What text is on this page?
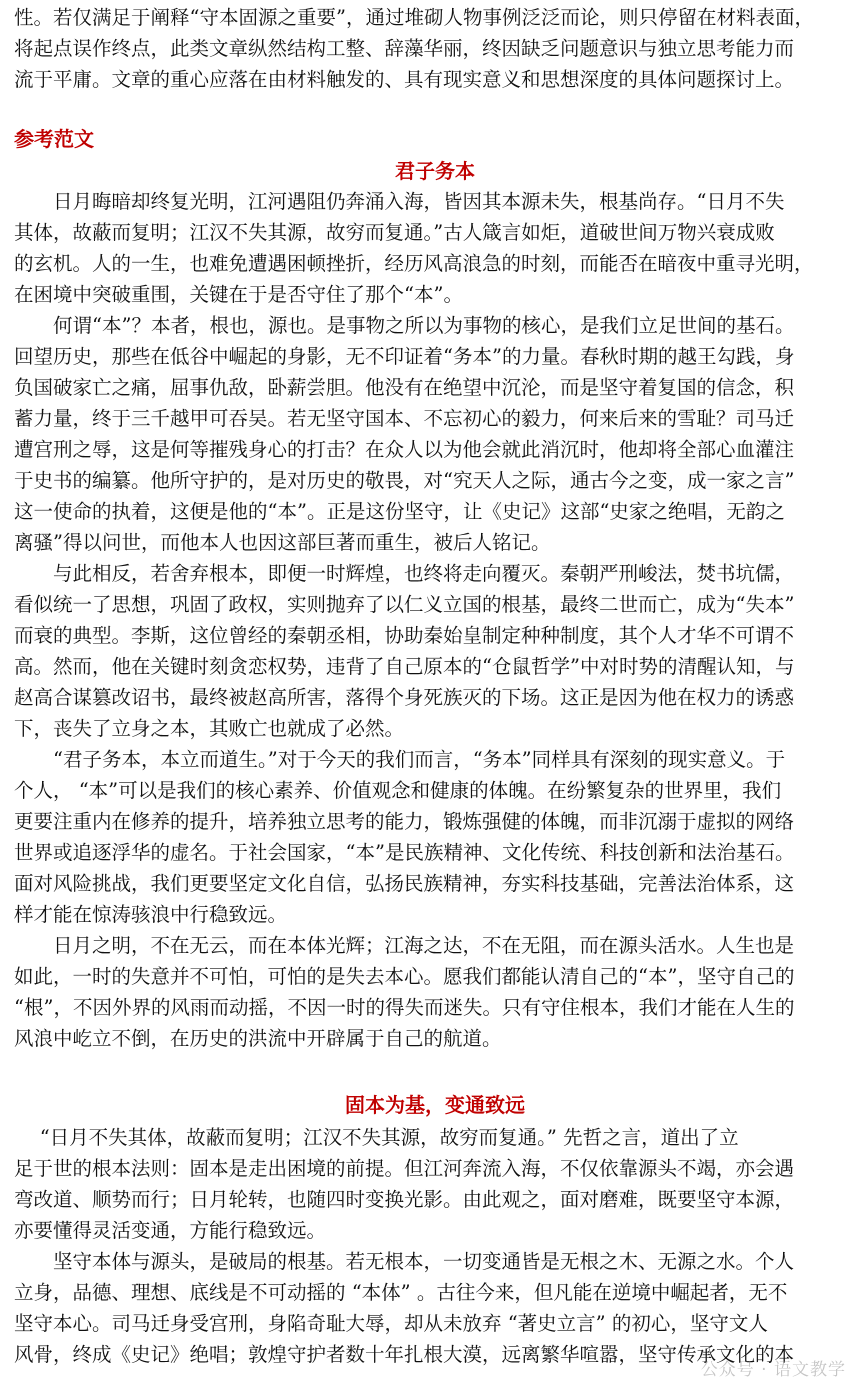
性。若仅满足于阐释“守本固源之重要”，通过堆砌人物事例泛泛而论，则只停留在材料表面，

将起点误作终点，此类文章纵然结构工整、辞藻华丽，终因缺乏问题意识与独立思考能力而

流于平庸。文章的重心应落在由材料触发的、具有现实意义和思想深度的具体问题探讨上。

参考范文
君子务本

　　日月晦暗却终复光明，江河遇阻仍奔涌入海，皆因其本源未失，根基尚存。“日月不失

其体，故蔽而复明；江汉不失其源，故穷而复通。”古人箴言如炬，道破世间万物兴衰成败

的玄机。人的一生，也难免遭遇困顿挫折，经历风高浪急的时刻，而能否在暗夜中重寻光明，

在困境中突破重围，关键在于是否守住了那个“本”。

　　何谓“本”？本者，根也，源也。是事物之所以为事物的核心，是我们立足世间的基石。

回望历史，那些在低谷中崛起的身影，无不印证着“务本”的力量。春秋时期的越王勾践，身

负国破家亡之痛，屈事仇敌，卧薪尝胆。他没有在绝望中沉沦，而是坚守着复国的信念，积

蓄力量，终于三千越甲可吞吴。若无坚守国本、不忘初心的毅力，何来后来的雪耻？司马迁

遭宫刑之辱，这是何等摧残身心的打击？在众人以为他会就此消沉时，他却将全部心血灌注

于史书的编纂。他所守护的，是对历史的敬畏，对“究天人之际，通古今之变，成一家之言”

这一使命的执着，这便是他的“本”。正是这份坚守，让《史记》这部“史家之绝唱，无韵之

离骚”得以问世，而他本人也因这部巨著而重生，被后人铭记。

　　与此相反，若舍弃根本，即便一时辉煌，也终将走向覆灭。秦朝严刑峻法，焚书坑儒，

看似统一了思想，巩固了政权，实则抛弃了以仁义立国的根基，最终二世而亡，成为“失本”

而衰的典型。李斯，这位曾经的秦朝丞相，协助秦始皇制定种种制度，其个人才华不可谓不

高。然而，他在关键时刻贪恋权势，违背了自己原本的“仓鼠哲学”中对时势的清醒认知，与

赵高合谋篡改诏书，最终被赵高所害，落得个身死族灭的下场。这正是因为他在权力的诱惑

下，丧失了立身之本，其败亡也就成了必然。

　　“君子务本，本立而道生。”对于今天的我们而言，“务本”同样具有深刻的现实意义。于

个人， “本”可以是我们的核心素养、价值观念和健康的体魄。在纷繁复杂的世界里，我们

更要注重内在修养的提升，培养独立思考的能力，锻炼强健的体魄，而非沉溺于虚拟的网络

世界或追逐浮华的虚名。于社会国家，“本”是民族精神、文化传统、科技创新和法治基石。

面对风险挑战，我们更要坚定文化自信，弘扬民族精神，夯实科技基础，完善法治体系，这

样才能在惊涛骇浪中行稳致远。

　　日月之明，不在无云，而在本体光辉；江海之达，不在无阻，而在源头活水。人生也是

如此，一时的失意并不可怕，可怕的是失去本心。愿我们都能认清自己的“本”，坚守自己的

“根”，不因外界的风雨而动摇，不因一时的得失而迷失。只有守住根本，我们才能在人生的

风浪中屹立不倒，在历史的洪流中开辟属于自己的航道。

固本为基，变通致远

　 “日月不失其体，故蔽而复明；江汉不失其源，故穷而复通。” 先哲之言，道出了立

足于世的根本法则：固本是走出困境的前提。但江河奔流入海，不仅依靠源头不竭，亦会遇

弯改道、顺势而行；日月轮转，也随四时变换光影。由此观之，面对磨难，既要坚守本源，

亦要懂得灵活变通，方能行稳致远。

　　坚守本体与源头，是破局的根基。若无根本，一切变通皆是无根之木、无源之水。个人

立身，品德、理想、底线是不可动摇的 “本体” 。古往今来，但凡能在逆境中崛起者，无不

坚守本心。司马迁身受宫刑，身陷奇耻大辱，却从未放弃 “著史立言” 的初心，坚守文人

风骨，终成《史记》绝唱；敦煌守护者数十年扎根大漠，远离繁华喧嚣，坚守传承文化的本

公众号 · 语文教学
